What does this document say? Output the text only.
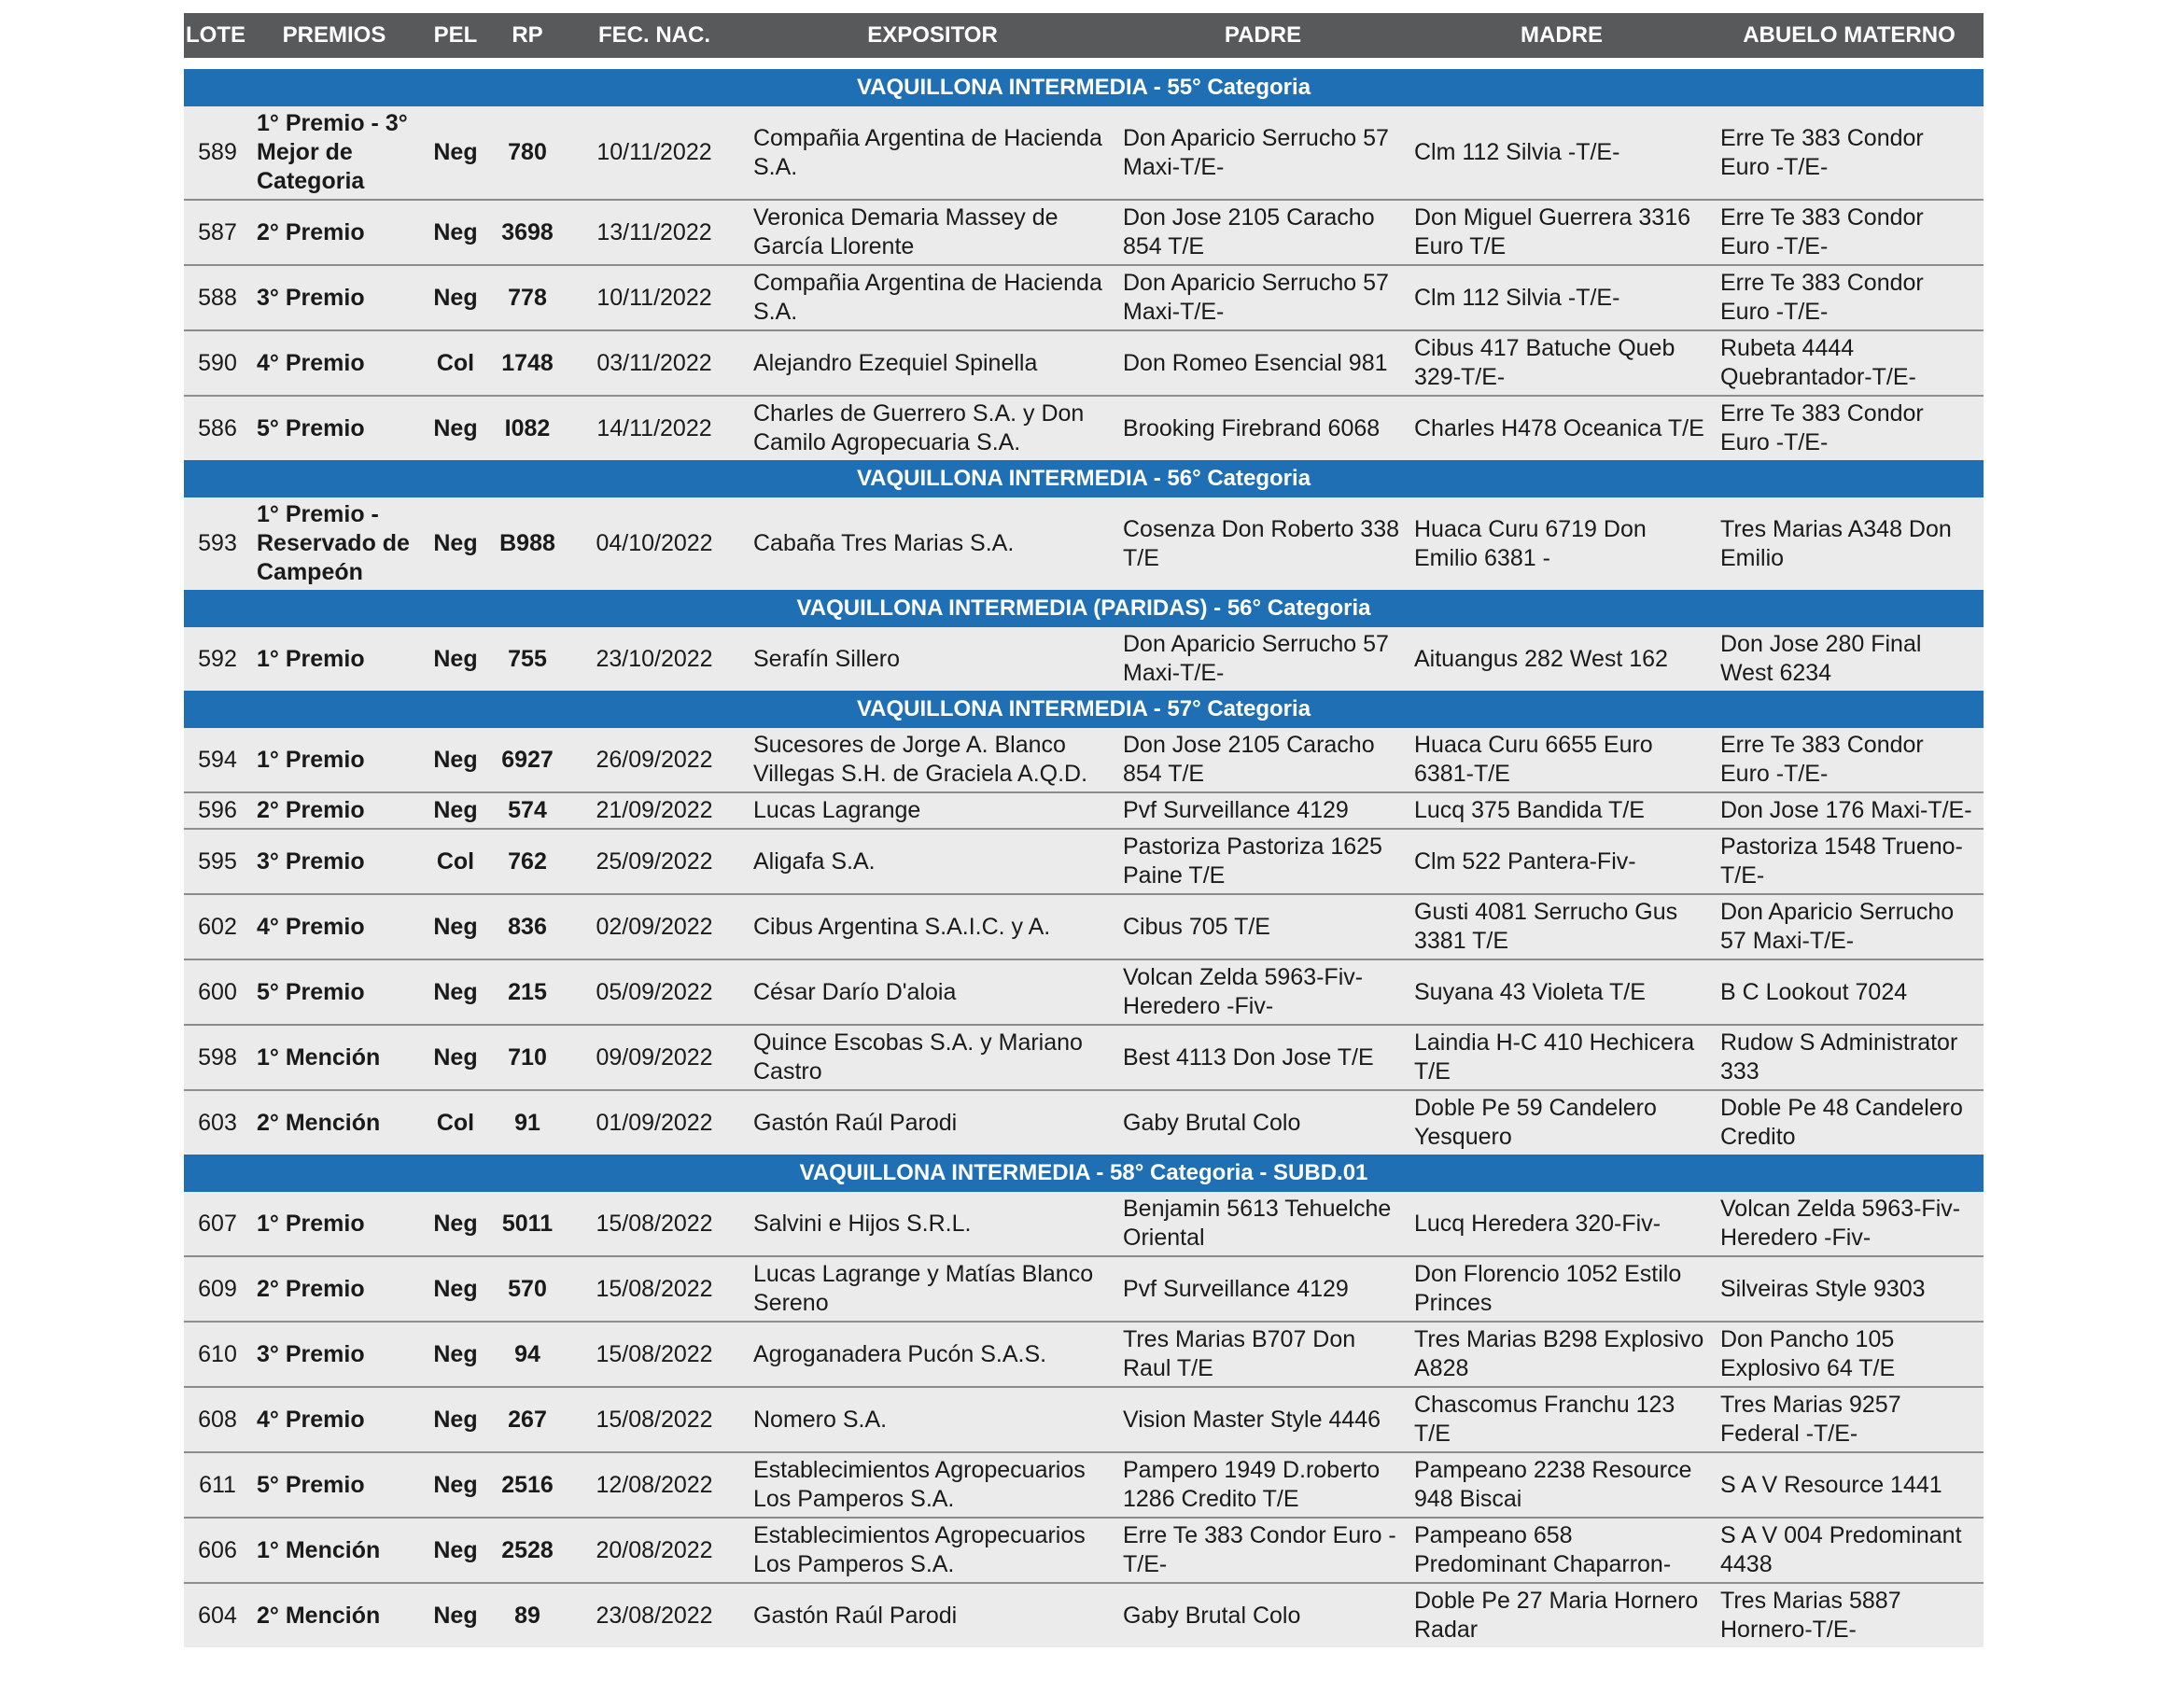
LOTE	PREMIOS	PEL	RP	FEC. NAC.	EXPOSITOR	PADRE	MADRE	ABUELO MATERNO

VAQUILLONA INTERMEDIA - 55° Categoria								
589	1° Premio - 3° Mejor de Categoria	Neg	780	10/11/2022	Compañia Argentina de Hacienda S.A.	Don Aparicio Serrucho 57 Maxi-T/E-	Clm 112 Silvia -T/E-	Erre Te 383 Condor Euro -T/E-
587	2° Premio	Neg	3698	13/11/2022	Veronica Demaria Massey de García Llorente	Don Jose 2105 Caracho 854 T/E	Don Miguel Guerrera 3316 Euro T/E	Erre Te 383 Condor Euro -T/E-
588	3° Premio	Neg	778	10/11/2022	Compañia Argentina de Hacienda S.A.	Don Aparicio Serrucho 57 Maxi-T/E-	Clm 112 Silvia -T/E-	Erre Te 383 Condor Euro -T/E-
590	4° Premio	Col	1748	03/11/2022	Alejandro Ezequiel Spinella	Don Romeo Esencial 981	Cibus 417 Batuche Queb 329-T/E-	Rubeta 4444 Quebrantador-T/E-
586	5° Premio	Neg	I082	14/11/2022	Charles de Guerrero S.A. y Don Camilo Agropecuaria S.A.	Brooking Firebrand 6068	Charles H478 Oceanica T/E	Erre Te 383 Condor Euro -T/E-
VAQUILLONA INTERMEDIA - 56° Categoria								
593	1° Premio - Reservado de Campeón	Neg	B988	04/10/2022	Cabaña Tres Marias S.A.	Cosenza Don Roberto 338 T/E	Huaca Curu 6719 Don Emilio 6381 -	Tres Marias A348 Don Emilio
VAQUILLONA INTERMEDIA (PARIDAS) - 56° Categoria								
592	1° Premio	Neg	755	23/10/2022	Serafín Sillero	Don Aparicio Serrucho 57 Maxi-T/E-	Aituangus 282 West 162	Don Jose 280 Final West 6234
VAQUILLONA INTERMEDIA - 57° Categoria								
594	1° Premio	Neg	6927	26/09/2022	Sucesores de Jorge A. Blanco Villegas S.H. de Graciela A.Q.D.	Don Jose 2105 Caracho 854 T/E	Huaca Curu 6655 Euro 6381-T/E	Erre Te 383 Condor Euro -T/E-
596	2° Premio	Neg	574	21/09/2022	Lucas Lagrange	Pvf Surveillance 4129	Lucq 375 Bandida T/E	Don Jose 176 Maxi-T/E-
595	3° Premio	Col	762	25/09/2022	Aligafa S.A.	Pastoriza Pastoriza 1625 Paine T/E	Clm 522 Pantera-Fiv-	Pastoriza 1548 Trueno-T/E-
602	4° Premio	Neg	836	02/09/2022	Cibus Argentina S.A.I.C. y A.	Cibus 705 T/E	Gusti 4081 Serrucho Gus 3381 T/E	Don Aparicio Serrucho 57 Maxi-T/E-
600	5° Premio	Neg	215	05/09/2022	César Darío D'aloia	Volcan Zelda 5963-Fiv-Heredero -Fiv-	Suyana 43 Violeta T/E	B C Lookout 7024
598	1° Mención	Neg	710	09/09/2022	Quince Escobas S.A. y Mariano Castro	Best 4113 Don Jose T/E	Laindia H-C 410 Hechicera T/E	Rudow S Administrator 333
603	2° Mención	Col	91	01/09/2022	Gastón Raúl Parodi	Gaby Brutal Colo	Doble Pe 59 Candelero Yesquero	Doble Pe 48 Candelero Credito
VAQUILLONA INTERMEDIA - 58° Categoria - SUBD.01								
607	1° Premio	Neg	5011	15/08/2022	Salvini e Hijos S.R.L.	Benjamin 5613 Tehuelche Oriental	Lucq Heredera 320-Fiv-	Volcan Zelda 5963-Fiv-Heredero -Fiv-
609	2° Premio	Neg	570	15/08/2022	Lucas Lagrange y Matías Blanco Sereno	Pvf Surveillance 4129	Don Florencio 1052 Estilo Princes	Silveiras Style 9303
610	3° Premio	Neg	94	15/08/2022	Agroganadera Pucón S.A.S.	Tres Marias B707 Don Raul T/E	Tres Marias B298 Explosivo A828	Don Pancho 105 Explosivo 64 T/E
608	4° Premio	Neg	267	15/08/2022	Nomero S.A.	Vision Master Style 4446	Chascomus Franchu 123 T/E	Tres Marias 9257 Federal -T/E-
611	5° Premio	Neg	2516	12/08/2022	Establecimientos Agropecuarios Los Pamperos S.A.	Pampero 1949 D.roberto 1286 Credito T/E	Pampeano 2238 Resource 948 Biscai	S A V Resource 1441
606	1° Mención	Neg	2528	20/08/2022	Establecimientos Agropecuarios Los Pamperos S.A.	Erre Te 383 Condor Euro -T/E-	Pampeano 658 Predominant Chaparron-	S A V 004 Predominant 4438
604	2° Mención	Neg	89	23/08/2022	Gastón Raúl Parodi	Gaby Brutal Colo	Doble Pe 27 Maria Hornero Radar	Tres Marias 5887 Hornero-T/E-
